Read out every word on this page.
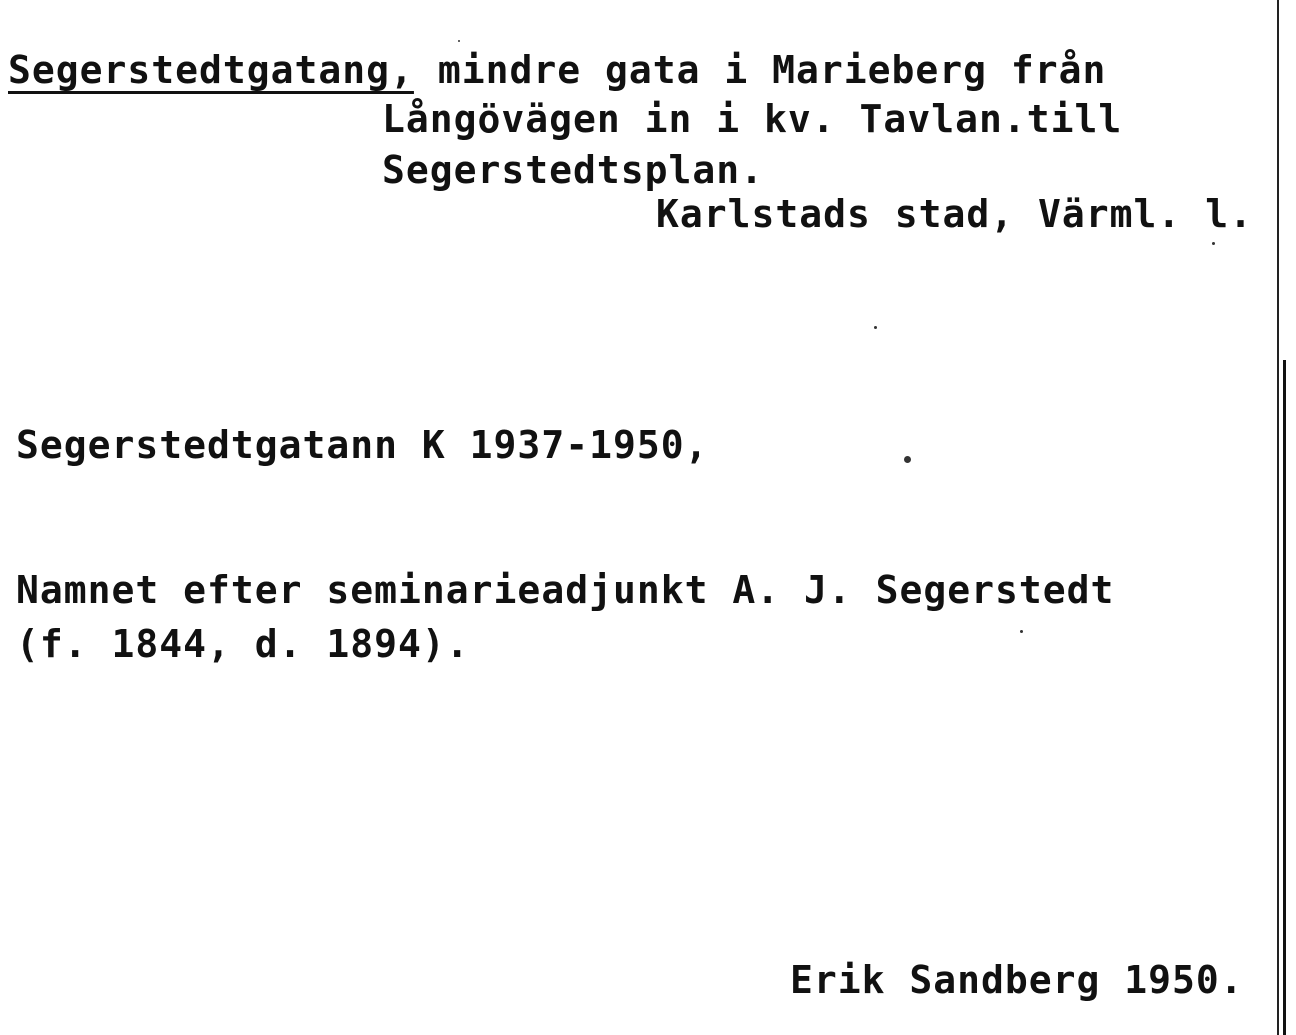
Segerstedtgatang, mindre gata i Marieberg från
Långövägen in i kv. Tavlan.till
Segerstedtsplan.
Karlstads stad, Värml. l.
Segerstedtgatann K 1937-1950,
Namnet efter seminarieadjunkt A. J. Segerstedt
(f. 1844, d. 1894).
Erik Sandberg 1950.
